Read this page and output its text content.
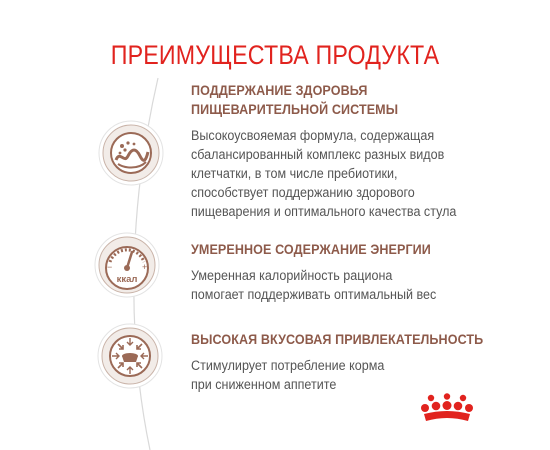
ПРЕИМУЩЕСТВА ПРОДУКТА
−	+
ккал
ПОДДЕРЖАНИЕ ЗДОРОВЬЯ
ПИЩЕВАРИТЕЛЬНОЙ СИСТЕМЫ
Высокоусвояемая формула, содержащая
сбалансированный комплекс разных видов
клетчатки, в том числе пребиотики,
способствует поддержанию здорового
пищеварения и оптимального качества стула
УМЕРЕННОЕ СОДЕРЖАНИЕ ЭНЕРГИИ
Умеренная калорийность рациона
помогает поддерживать оптимальный вес
ВЫСОКАЯ ВКУСОВАЯ ПРИВЛЕКАТЕЛЬНОСТЬ
Стимулирует потребление корма
при сниженном аппетите
